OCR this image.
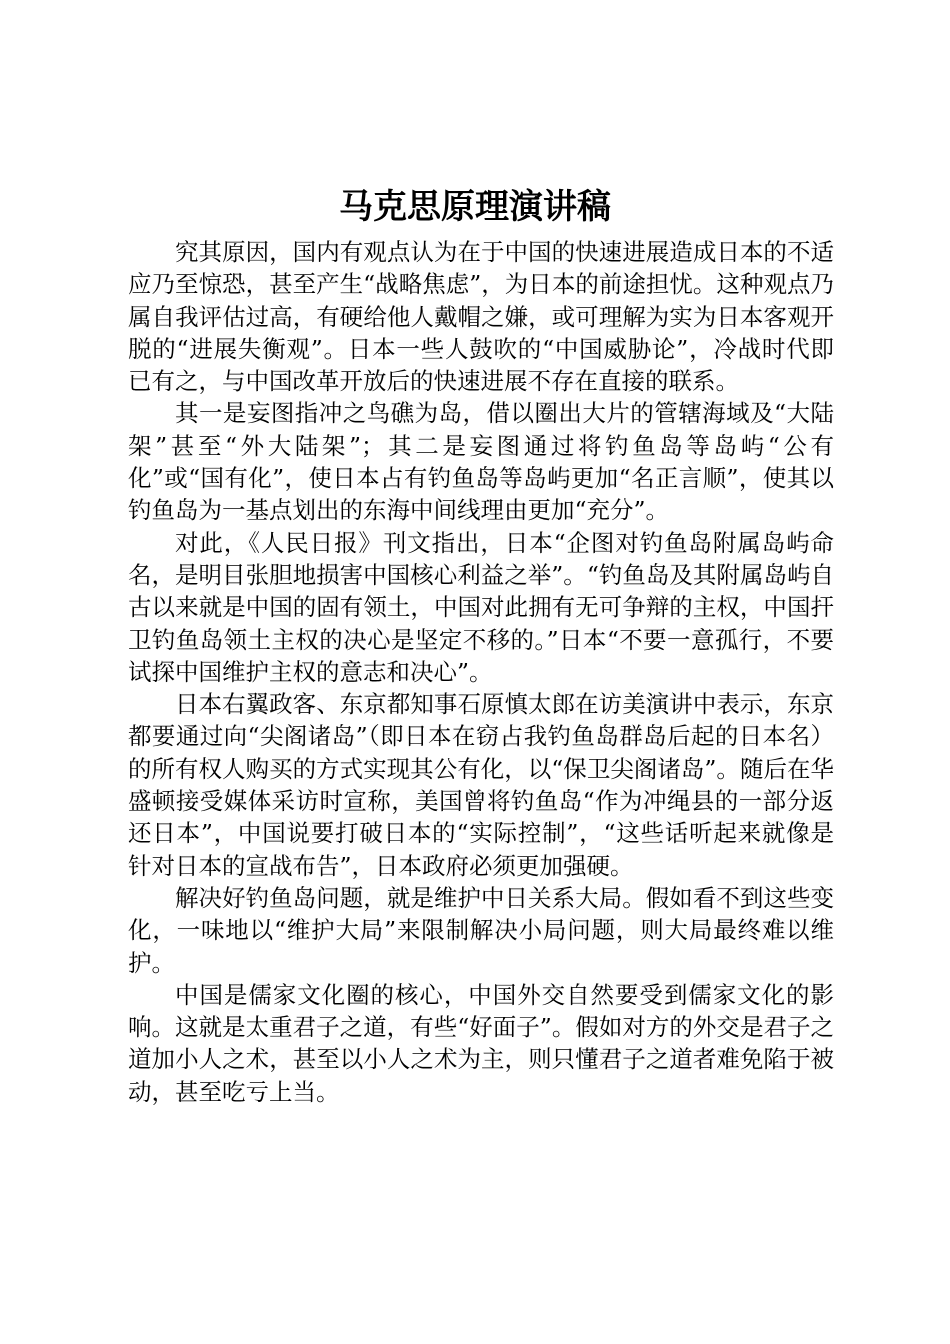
马克思原理演讲稿

究其原因，国内有观点认为在于中国的快速进展造成日本的不适应乃至惊恐，甚至产生“战略焦虑”，为日本的前途担忧。这种观点乃属自我评估过高，有硬给他人戴帽之嫌，或可理解为实为日本客观开脱的“进展失衡观”。日本一些人鼓吹的“中国威胁论”，冷战时代即已有之，与中国改革开放后的快速进展不存在直接的联系。

其一是妄图指冲之鸟礁为岛，借以圈出大片的管辖海域及“大陆架”甚至“外大陆架”；其二是妄图通过将钓鱼岛等岛屿“公有化”或“国有化”，使日本占有钓鱼岛等岛屿更加“名正言顺”，使其以钓鱼岛为一基点划出的东海中间线理由更加“充分”。

对此，《人民日报》刊文指出，日本“企图对钓鱼岛附属岛屿命名，是明目张胆地损害中国核心利益之举”。“钓鱼岛及其附属岛屿自古以来就是中国的固有领土，中国对此拥有无可争辩的主权，中国扞卫钓鱼岛领土主权的决心是坚定不移的。”日本“不要一意孤行，不要试探中国维护主权的意志和决心”。

日本右翼政客、东京都知事石原慎太郎在访美演讲中表示，东京都要通过向“尖阁诸岛”（即日本在窃占我钓鱼岛群岛后起的日本名）的所有权人购买的方式实现其公有化，以“保卫尖阁诸岛”。随后在华盛顿接受媒体采访时宣称，美国曾将钓鱼岛“作为冲绳县的一部分返还日本”，中国说要打破日本的“实际控制”，“这些话听起来就像是针对日本的宣战布告”，日本政府必须更加强硬。

解决好钓鱼岛问题，就是维护中日关系大局。假如看不到这些变化，一味地以“维护大局”来限制解决小局问题，则大局最终难以维护。

中国是儒家文化圈的核心，中国外交自然要受到儒家文化的影响。这就是太重君子之道，有些“好面子”。假如对方的外交是君子之道加小人之术，甚至以小人之术为主，则只懂君子之道者难免陷于被动，甚至吃亏上当。
